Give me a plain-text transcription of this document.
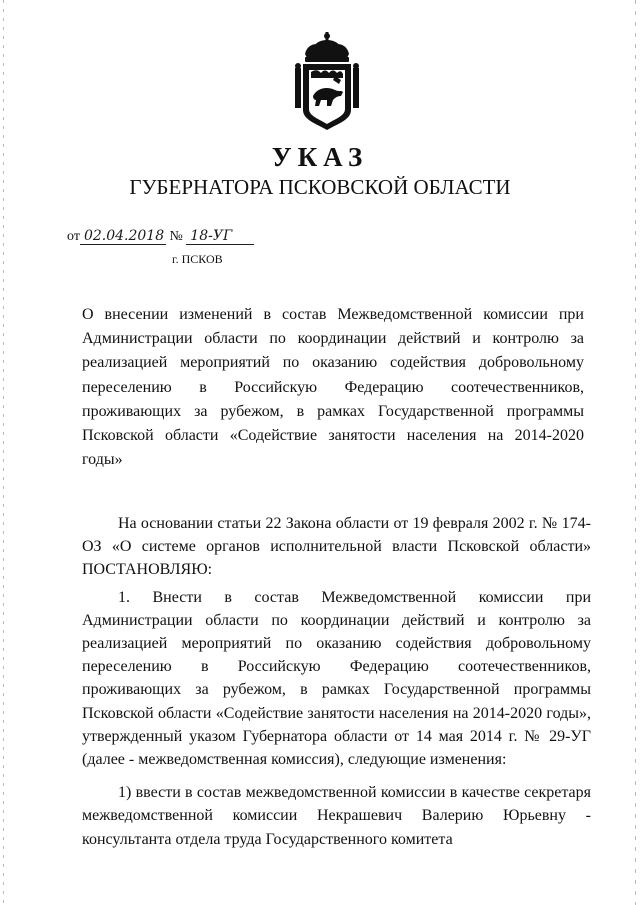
УКАЗ
ГУБЕРНАТОРА ПСКОВСКОЙ ОБЛАСТИ
от 02.04.2018 № 18-УГ
г. ПСКОВ
О внесении изменений в состав Межведомственной комиссии при Администрации области по координации действий и контролю за реализацией мероприятий по оказанию содействия добровольному переселению в Российскую Федерацию соотечественников, проживающих за рубежом, в рамках Государственной программы Псковской области «Содействие занятости населения на 2014-2020 годы»

На основании статьи 22 Закона области от 19 февраля 2002 г. № 174-ОЗ «О системе органов исполнительной власти Псковской области» ПОСТАНОВЛЯЮ:

1. Внести в состав Межведомственной комиссии при Администрации области по координации действий и контролю за реализацией мероприятий по оказанию содействия добровольному переселению в Российскую Федерацию соотечественников, проживающих за рубежом, в рамках Государственной программы Псковской области «Содействие занятости населения на 2014-2020 годы», утвержденный указом Губернатора области от 14 мая 2014 г. № 29-УГ (далее - межведомственная комиссия), следующие изменения:

1) ввести в состав межведомственной комиссии в качестве секретаря межведомственной комиссии Некрашевич Валерию Юрьевну - консультанта отдела труда Государственного комитета
